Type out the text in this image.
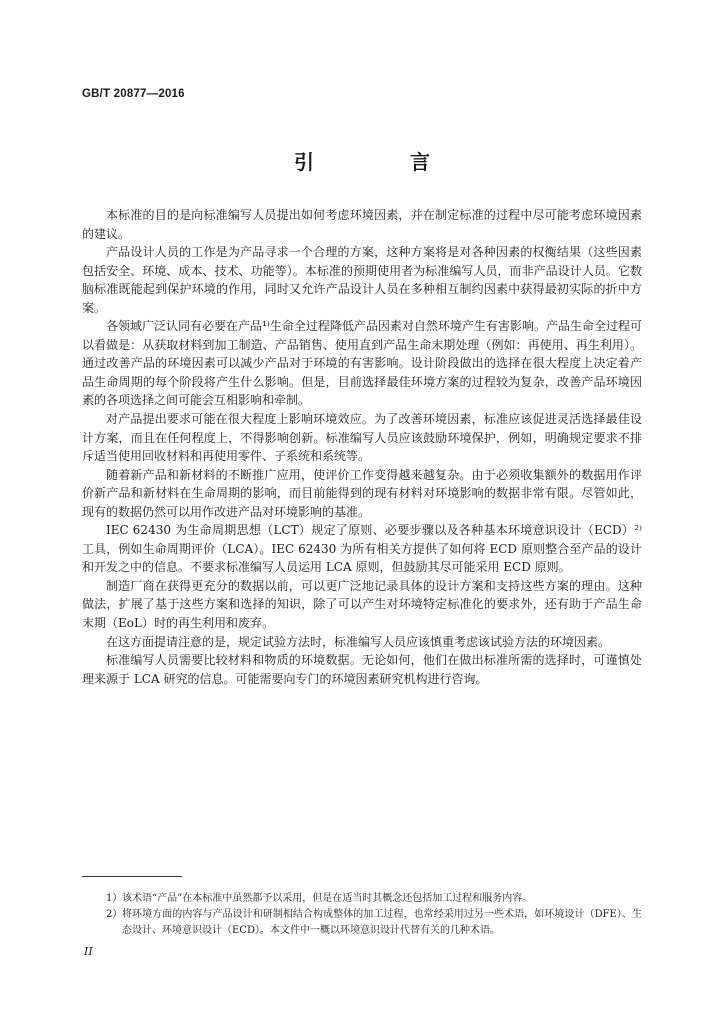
GB/T 20877—2016
引　言

本标准的目的是向标准编写人员提出如何考虑环境因素，并在制定标准的过程中尽可能考虑环境因素的建议。

产品设计人员的工作是为产品寻求一个合理的方案，这种方案将是对各种因素的权衡结果（这些因素包括安全、环境、成本、技术、功能等）。本标准的预期使用者为标准编写人员，而非产品设计人员。它数脑标准既能起到保护环境的作用，同时又允许产品设计人员在多种相互制约因素中获得最初实际的折中方案。

各领域广泛认同有必要在产品¹⁾生命全过程降低产品因素对自然环境产生有害影响。产品生命全过程可以看做是：从获取材料到加工制造、产品销售、使用直到产品生命末期处理（例如：再使用、再生利用）。通过改善产品的环境因素可以减少产品对于环境的有害影响。设计阶段做出的选择在很大程度上决定着产品生命周期的每个阶段将产生什么影响。但是，目前选择最佳环境方案的过程较为复杂，改善产品环境因素的各项选择之间可能会互相影响和牵制。

对产品提出要求可能在很大程度上影响环境效应。为了改善环境因素，标准应该促进灵活选择最佳设计方案，而且在任何程度上，不得影响创新。标准编写人员应该鼓励环境保护，例如，明确规定要求不排斥适当使用回收材料和再使用零件、子系统和系统等。

随着新产品和新材料的不断推广应用，使评价工作变得越来越复杂。由于必须收集额外的数据用作评价新产品和新材料在生命周期的影响，而目前能得到的现有材料对环境影响的数据非常有限。尽管如此，现有的数据仍然可以用作改进产品对环境影响的基准。

IEC 62430 为生命周期思想（LCT）规定了原则、必要步骤以及各种基本环境意识设计（ECD）²⁾工具，例如生命周期评价（LCA）。IEC 62430 为所有相关方提供了如何将 ECD 原则整合至产品的设计和开发之中的信息。不要求标准编写人员运用 LCA 原则，但鼓励其尽可能采用 ECD 原则。

制造厂商在获得更充分的数据以前，可以更广泛地记录具体的设计方案和支持这些方案的理由。这种做法，扩展了基于这些方案和选择的知识，除了可以产生对环境特定标准化的要求外，还有助于产品生命末期（EoL）时的再生利用和废弃。

在这方面提请注意的是，规定试验方法时，标准编写人员应该慎重考虑该试验方法的环境因素。

标准编写人员需要比较材料和物质的环境数据。无论如何，他们在做出标准所需的选择时，可谨慎处理来源于 LCA 研究的信息。可能需要向专门的环境因素研究机构进行咨询。

1） 该术语“产品”在本标准中虽然都予以采用，但是在适当时其概念还包括加工过程和服务内容。
2） 将环境方面的内容与产品设计和研制相结合构成整体的加工过程，也常经采用过另一些术语，如环境设计（DFE）、生态设计、环境意识设计（ECD）。本文件中一概以环境意识设计代替有关的几种术语。
II
